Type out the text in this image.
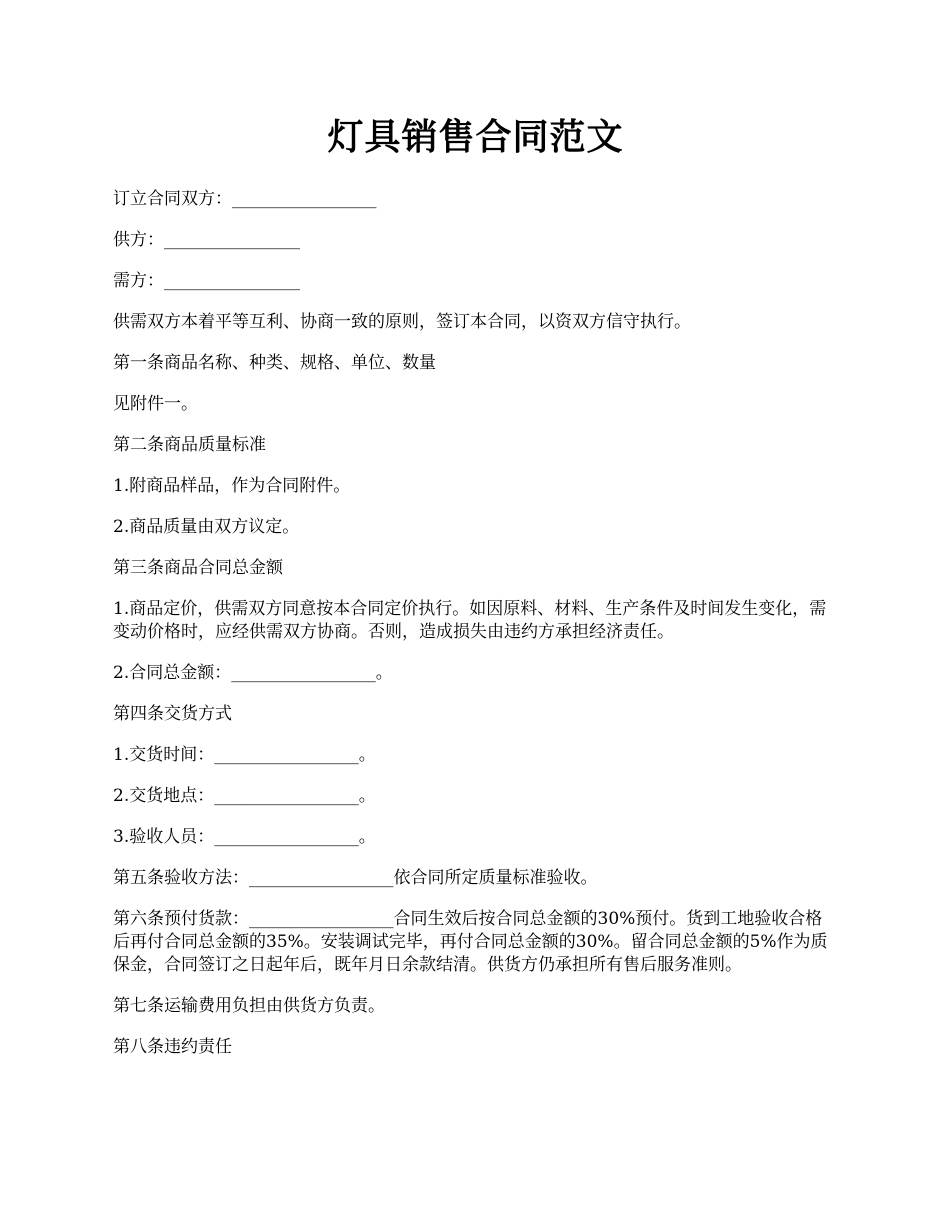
灯具销售合同范文

订立合同双方：_________________

供方：________________

需方：________________

供需双方本着平等互利、协商一致的原则，签订本合同，以资双方信守执行。

第一条商品名称、种类、规格、单位、数量

见附件一。

第二条商品质量标准

1.附商品样品，作为合同附件。

2.商品质量由双方议定。

第三条商品合同总金额

1.商品定价，供需双方同意按本合同定价执行。如因原料、材料、生产条件及时间发生变化，需变动价格时，应经供需双方协商。否则，造成损失由违约方承担经济责任。

2.合同总金额：_________________。

第四条交货方式

1.交货时间：_________________。

2.交货地点：_________________。

3.验收人员：_________________。

第五条验收方法：_________________依合同所定质量标准验收。

第六条预付货款：_________________合同生效后按合同总金额的30%预付。货到工地验收合格后再付合同总金额的35%。安装调试完毕，再付合同总金额的30%。留合同总金额的5%作为质保金，合同签订之日起年后，既年月日余款结清。供货方仍承担所有售后服务准则。

第七条运输费用负担由供货方负责。

第八条违约责任
